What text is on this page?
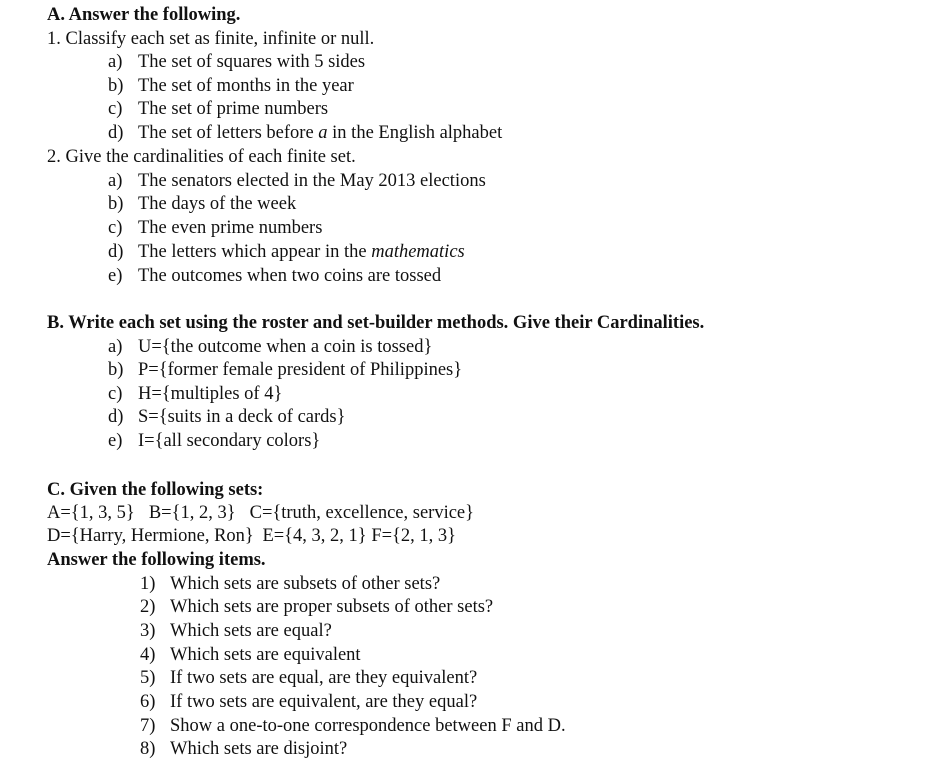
A. Answer the following.
1. Classify each set as finite, infinite or null.
a) The set of squares with 5 sides
b) The set of months in the year
c) The set of prime numbers
d) The set of letters before a in the English alphabet
2. Give the cardinalities of each finite set.
a) The senators elected in the May 2013 elections
b) The days of the week
c) The even prime numbers
d) The letters which appear in the mathematics
e) The outcomes when two coins are tossed
B. Write each set using the roster and set-builder methods. Give their Cardinalities.
a) U={the outcome when a coin is tossed}
b) P={former female president of Philippines}
c) H={multiples of 4}
d) S={suits in a deck of cards}
e) I={all secondary colors}
C. Given the following sets:
A={1, 3, 5} B={1, 2, 3} C={truth, excellence, service}
D={Harry, Hermione, Ron} E={4, 3, 2, 1} F={2, 1, 3}
Answer the following items.
1) Which sets are subsets of other sets?
2) Which sets are proper subsets of other sets?
3) Which sets are equal?
4) Which sets are equivalent
5) If two sets are equal, are they equivalent?
6) If two sets are equivalent, are they equal?
7) Show a one-to-one correspondence between F and D.
8) Which sets are disjoint?
